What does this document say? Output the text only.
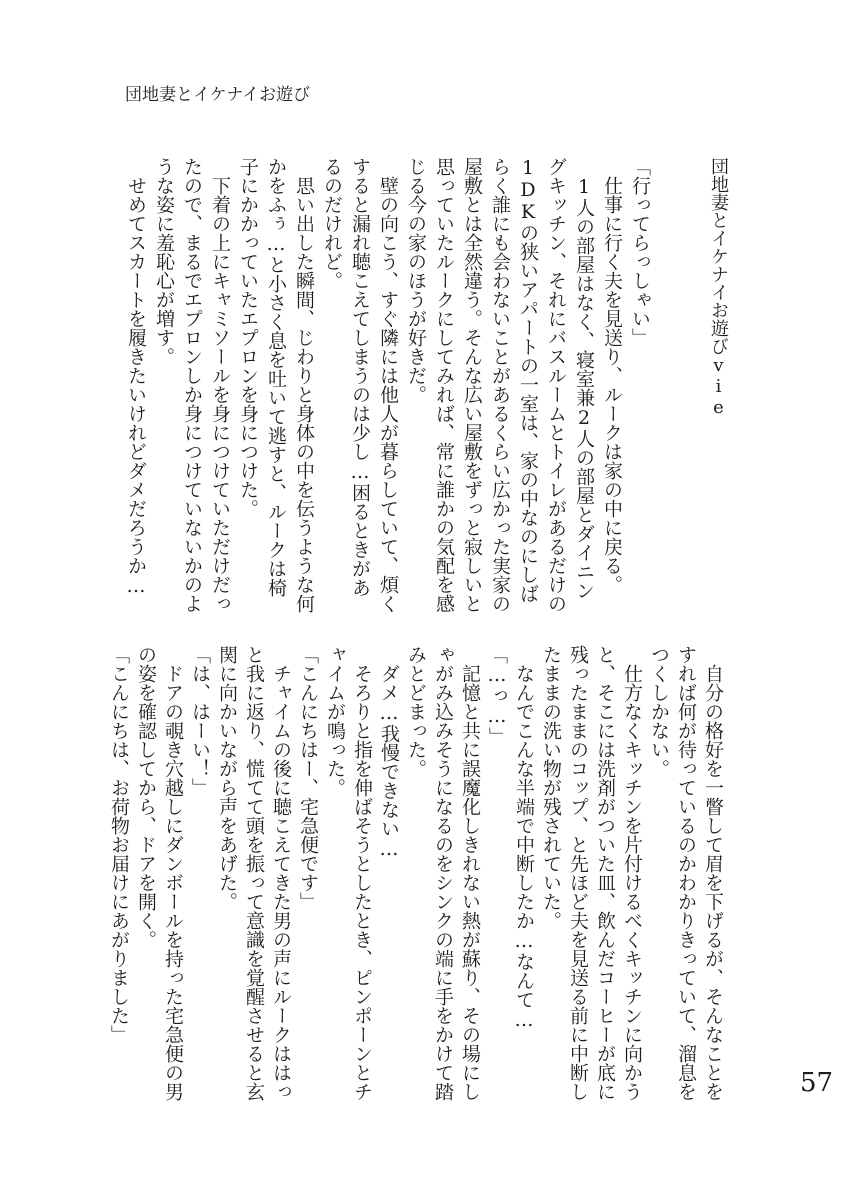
団地妻とイケナイお遊び
団地妻とイケナイお遊びvie

「行ってらっしゃい」

仕事に行く夫を見送り、ルークは家の中に戻る。

1人の部屋はなく、寝室兼2人の部屋とダイニングキッチン、それにバスルームとトイレがあるだけの1DKの狭いアパートの一室は、家の中なのにしばらく誰にも会わないことがあるくらい広かった実家の屋敷とは全然違う。そんな広い屋敷をずっと寂しいと思っていたルークにしてみれば、常に誰かの気配を感じる今の家のほうが好きだ。

壁の向こう、すぐ隣には他人が暮らしていて、煩くすると漏れ聴こえてしまうのは少し…困るときがあるのだけれど。

思い出した瞬間、じわりと身体の中を伝うような何かをふぅ…と小さく息を吐いて逃すと、ルークは椅子にかかっていたエプロンを身につけた。

下着の上にキャミソールを身につけていただけだったので、まるでエプロンしか身につけていないかのような姿に羞恥心が増す。

せめてスカートを履きたいけれどダメだろうか…

自分の格好を一瞥して眉を下げるが、そんなことをすれば何が待っているのかわかりきっていて、溜息をつくしかない。

仕方なくキッチンを片付けるべくキッチンに向かうと、そこには洗剤がついた皿、飲んだコーヒーが底に残ったままのコップ、と先ほど夫を見送る前に中断したままの洗い物が残されていた。

なんでこんな半端で中断したか…なんて…

「…っ…」

記憶と共に誤魔化しきれない熱が蘇り、その場にしゃがみ込みそうになるのをシンクの端に手をかけて踏みとどまった。

ダメ…我慢できない…

そろりと指を伸ばそうとしたとき、ピンポーンとチャイムが鳴った。

「こんにちはー、宅急便です」

チャイムの後に聴こえてきた男の声にルークははっと我に返り、慌てて頭を振って意識を覚醒させると玄関に向かいながら声をあげた。

「は、はーい！」

ドアの覗き穴越しにダンボールを持った宅急便の男の姿を確認してから、ドアを開く。

「こんにちは、お荷物お届けにあがりました」

57
